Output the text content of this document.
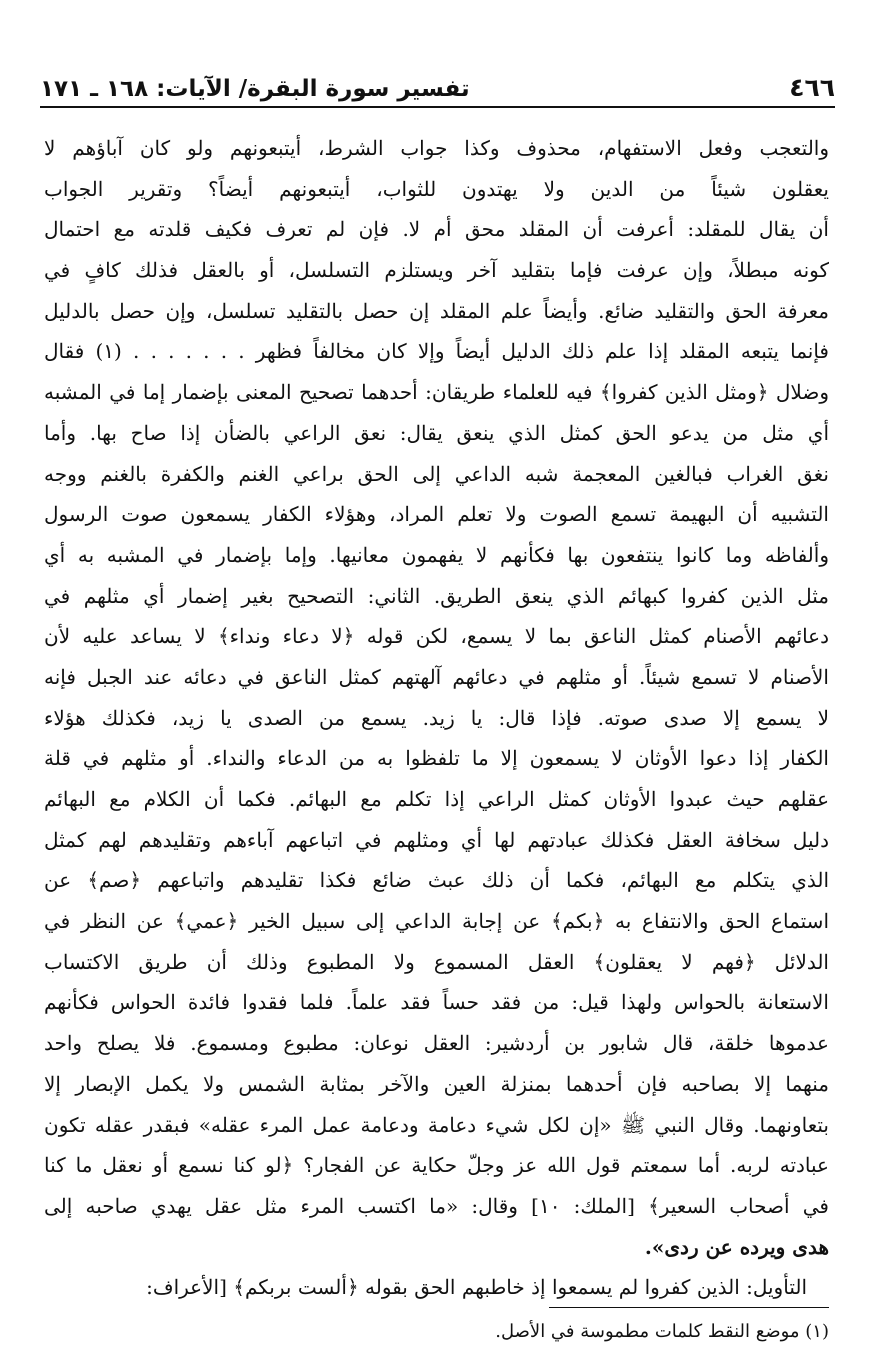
٤٦٦
تفسير سورة البقرة/ الآيات: ١٦٨ ـ ١٧١
والتعجب وفعل الاستفهام، محذوف وكذا جواب الشرط، أيتبعونهم ولو كان آباؤهم لا
يعقلون شيئاً من الدين ولا يهتدون للثواب، أيتبعونهم أيضاً؟ وتقرير الجواب
أن يقال للمقلد: أعرفت أن المقلد محق أم لا. فإن لم تعرف فكيف قلدته مع احتمال
كونه مبطلاً، وإن عرفت فإما بتقليد آخر ويستلزم التسلسل، أو بالعقل فذلك كافٍ في
معرفة الحق والتقليد ضائع. وأيضاً علم المقلد إن حصل بالتقليد تسلسل، وإن حصل بالدليل
فإنما يتبعه المقلد إذا علم ذلك الدليل أيضاً وإلا كان مخالفاً فظهر . . . . . . . (١) فقال
وضلال ﴿ومثل الذين كفروا﴾ فيه للعلماء طريقان: أحدهما تصحيح المعنى بإضمار إما في المشبه
أي مثل من يدعو الحق كمثل الذي ينعق يقال: نعق الراعي بالضأن إذا صاح بها. وأما
نغق الغراب فبالغين المعجمة شبه الداعي إلى الحق براعي الغنم والكفرة بالغنم ووجه
التشبيه أن البهيمة تسمع الصوت ولا تعلم المراد، وهؤلاء الكفار يسمعون صوت الرسول
وألفاظه وما كانوا ينتفعون بها فكأنهم لا يفهمون معانيها. وإما بإضمار في المشبه به أي
مثل الذين كفروا كبهائم الذي ينعق الطريق. الثاني: التصحيح بغير إضمار أي مثلهم في
دعائهم الأصنام كمثل الناعق بما لا يسمع، لكن قوله ﴿لا دعاء ونداء﴾ لا يساعد عليه لأن
الأصنام لا تسمع شيئاً. أو مثلهم في دعائهم آلهتهم كمثل الناعق في دعائه عند الجبل فإنه
لا يسمع إلا صدى صوته. فإذا قال: يا زيد. يسمع من الصدى يا زيد، فكذلك هؤلاء
الكفار إذا دعوا الأوثان لا يسمعون إلا ما تلفظوا به من الدعاء والنداء. أو مثلهم في قلة
عقلهم حيث عبدوا الأوثان كمثل الراعي إذا تكلم مع البهائم. فكما أن الكلام مع البهائم
دليل سخافة العقل فكذلك عبادتهم لها أي ومثلهم في اتباعهم آباءهم وتقليدهم لهم كمثل
الذي يتكلم مع البهائم، فكما أن ذلك عبث ضائع فكذا تقليدهم واتباعهم ﴿صم﴾ عن
استماع الحق والانتفاع به ﴿بكم﴾ عن إجابة الداعي إلى سبيل الخير ﴿عمي﴾ عن النظر في
الدلائل ﴿فهم لا يعقلون﴾ العقل المسموع ولا المطبوع وذلك أن طريق الاكتساب
الاستعانة بالحواس ولهذا قيل: من فقد حساً فقد علماً. فلما فقدوا فائدة الحواس فكأنهم
عدموها خلقة، قال شابور بن أردشير: العقل نوعان: مطبوع ومسموع. فلا يصلح واحد
منهما إلا بصاحبه فإن أحدهما بمنزلة العين والآخر بمثابة الشمس ولا يكمل الإبصار إلا
بتعاونهما. وقال النبي ﷺ «إن لكل شيء دعامة ودعامة عمل المرء عقله» فبقدر عقله تكون
عبادته لربه. أما سمعتم قول الله عز وجلّ حكاية عن الفجار؟ ﴿لو كنا نسمع أو نعقل ما كنا
في أصحاب السعير﴾ [الملك: ١٠] وقال: «ما اكتسب المرء مثل عقل يهدي صاحبه إلى
هدى ويرده عن ردى».
التأويل: الذين كفروا لم يسمعوا إذ خاطبهم الحق بقوله ﴿ألست بربكم﴾ [الأعراف:
(١) موضع النقط كلمات مطموسة في الأصل.
